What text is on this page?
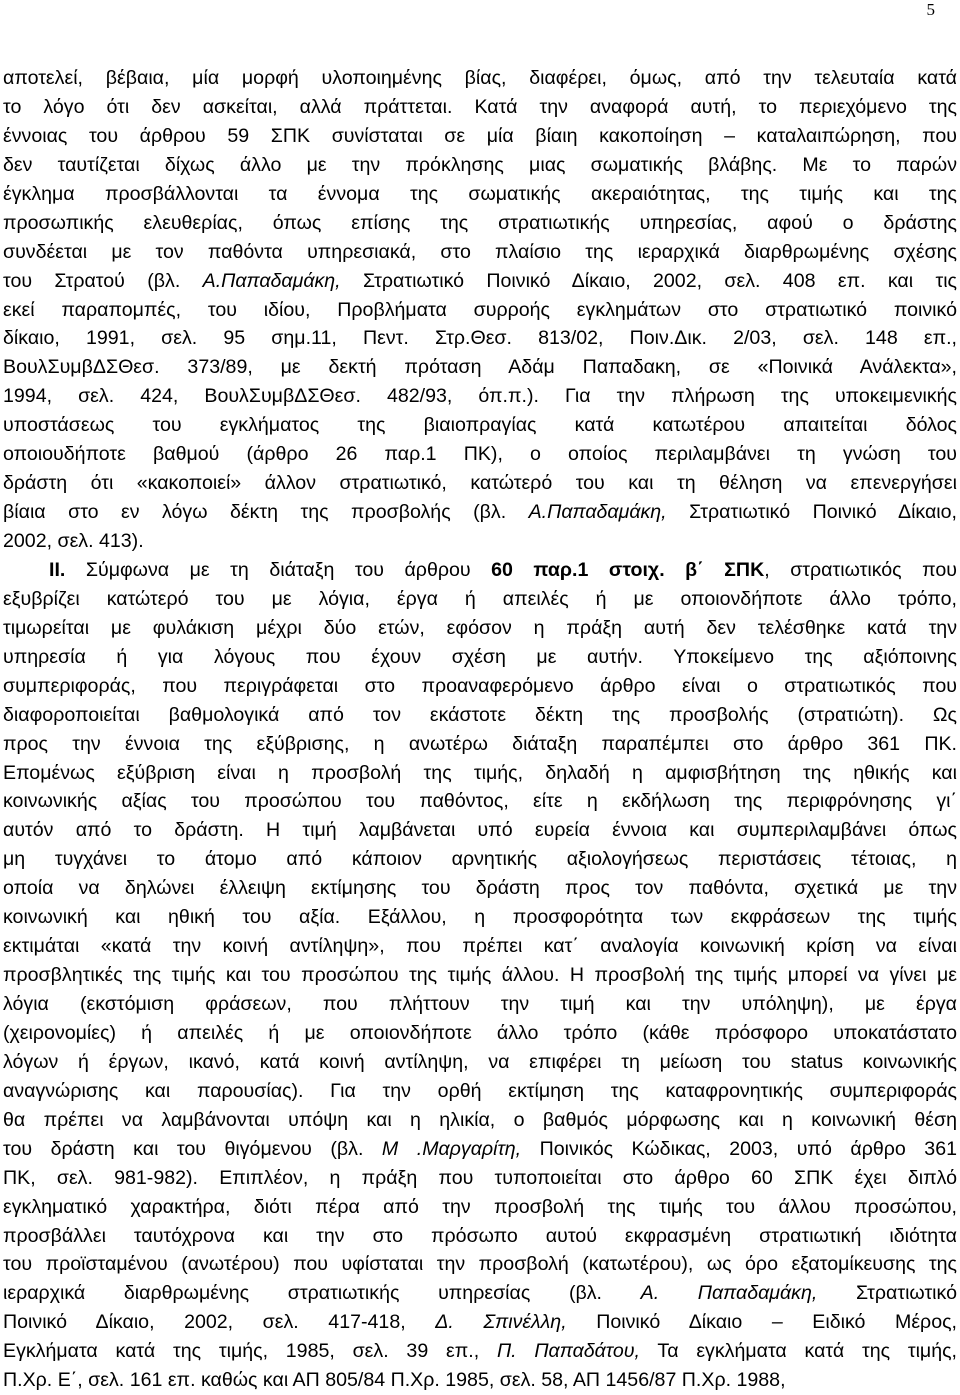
5
αποτελεί, βέβαια, μία μορφή υλοποιημένης βίας, διαφέρει, όμως, από την τελευταία κατά
το λόγο ότι δεν ασκείται, αλλά πράττεται. Κατά την αναφορά αυτή, το περιεχόμενο της
έννοιας του άρθρου 59 ΣΠΚ συνίσταται σε μία βίαιη κακοποίηση – καταλαιπώρηση, που
δεν ταυτίζεται δίχως άλλο με την πρόκλησης μιας σωματικής βλάβης. Με το παρών
έγκλημα προσβάλλονται τα έννομα της σωματικής ακεραιότητας, της τιμής και της
προσωπικής ελευθερίας, όπως επίσης της στρατιωτικής υπηρεσίας, αφού ο δράστης
συνδέεται με τον παθόντα υπηρεσιακά, στο πλαίσιο της ιεραρχικά διαρθρωμένης σχέσης
του Στρατού (βλ. Α.Παπαδαμάκη, Στρατιωτικό Ποινικό Δίκαιο, 2002, σελ. 408 επ. και τις
εκεί παραπομπές, του ιδίου, Προβλήματα συρροής εγκλημάτων στο στρατιωτικό ποινικό
δίκαιο, 1991, σελ. 95 σημ.11, Πεντ. Στρ.Θεσ. 813/02, Ποιν.Δικ. 2/03, σελ. 148 επ.,
ΒουλΣυμβΔΣΘεσ. 373/89, με δεκτή πρόταση Αδάμ Παπαδακη, σε «Ποινικά Ανάλεκτα»,
1994, σελ. 424, ΒουλΣυμβΔΣΘεσ. 482/93, όπ.π.). Για την πλήρωση της υποκειμενικής
υποστάσεως του εγκλήματος της βιαιοπραγίας κατά κατωτέρου απαιτείται δόλος
οποιουδήποτε βαθμού (άρθρο 26 παρ.1 ΠΚ), ο οποίος περιλαμβάνει τη γνώση του
δράστη ότι «κακοποιεί» άλλον στρατιωτικό, κατώτερό του και τη θέληση να επενεργήσει
βίαια στο εν λόγω δέκτη της προσβολής (βλ. Α.Παπαδαμάκη, Στρατιωτικό Ποινικό Δίκαιο,
2002, σελ. 413).
ΙΙ. Σύμφωνα με τη διάταξη του άρθρου 60 παρ.1 στοιχ. β΄ ΣΠΚ, στρατιωτικός που
εξυβρίζει κατώτερό του με λόγια, έργα ή απειλές ή με οποιονδήποτε άλλο τρόπο,
τιμωρείται με φυλάκιση μέχρι δύο ετών, εφόσον η πράξη αυτή δεν τελέσθηκε κατά την
υπηρεσία ή για λόγους που έχουν σχέση με αυτήν. Υποκείμενο της αξιόποινης
συμπεριφοράς, που περιγράφεται στο προαναφερόμενο άρθρο είναι ο στρατιωτικός που
διαφοροποιείται βαθμολογικά από τον εκάστοτε δέκτη της προσβολής (στρατιώτη). Ως
προς την έννοια της εξύβρισης, η ανωτέρω διάταξη παραπέμπει στο άρθρο 361 ΠΚ.
Επομένως εξύβριση είναι η προσβολή της τιμής, δηλαδή η αμφισβήτηση της ηθικής και
κοινωνικής αξίας του προσώπου του παθόντος, είτε η εκδήλωση της περιφρόνησης γι΄
αυτόν από το δράστη. Η τιμή λαμβάνεται υπό ευρεία έννοια και συμπεριλαμβάνει όπως
μη τυγχάνει το άτομο από κάποιον αρνητικής αξιολογήσεως περιστάσεις τέτοιας, η
οποία να δηλώνει έλλειψη εκτίμησης του δράστη προς τον παθόντα, σχετικά με την
κοινωνική και ηθική του αξία. Εξάλλου, η προσφορότητα των εκφράσεων της τιμής
εκτιμάται «κατά την κοινή αντίληψη», που πρέπει κατ΄ αναλογία κοινωνική κρίση να είναι
προσβλητικές της τιμής και του προσώπου της τιμής άλλου. Η προσβολή της τιμής μπορεί να γίνει με
λόγια (εκστόμιση φράσεων, που πλήττουν την τιμή και την υπόληψη), με έργα
(χειρονομίες) ή απειλές ή με οποιονδήποτε άλλο τρόπο (κάθε πρόσφορο υποκατάστατο
λόγων ή έργων, ικανό, κατά κοινή αντίληψη, να επιφέρει τη μείωση του status κοινωνικής
αναγνώρισης και παρουσίας). Για την ορθή εκτίμηση της καταφρονητικής συμπεριφοράς
θα πρέπει να λαμβάνονται υπόψη και η ηλικία, ο βαθμός μόρφωσης και η κοινωνική θέση
του δράστη και του θιγόμενου (βλ. Μ .Μαργαρίτη, Ποινικός Κώδικας, 2003, υπό άρθρο 361
ΠΚ, σελ. 981-982). Επιπλέον, η πράξη που τυποποιείται στο άρθρο 60 ΣΠΚ έχει διπλό
εγκληματικό χαρακτήρα, διότι πέρα από την προσβολή της τιμής του άλλου προσώπου,
προσβάλλει ταυτόχρονα και την στο πρόσωπο αυτού εκφρασμένη στρατιωτική ιδιότητα
του προϊσταμένου (ανωτέρου) που υφίσταται την προσβολή (κατωτέρου), ως όρο εξατομίκευσης της
ιεραρχικά διαρθρωμένης στρατιωτικής υπηρεσίας (βλ. Α. Παπαδαμάκη, Στρατιωτικό
Ποινικό Δίκαιο, 2002, σελ. 417-418, Δ. Σπινέλλη, Ποινικό Δίκαιο – Ειδικό Μέρος,
Εγκλήματα κατά της τιμής, 1985, σελ. 39 επ., Π. Παπαδάτου, Τα εγκλήματα κατά της τιμής,
Π.Χρ. Ε΄, σελ. 161 επ. καθώς και ΑΠ 805/84 Π.Χρ. 1985, σελ. 58, ΑΠ 1456/87 Π.Χρ. 1988,
